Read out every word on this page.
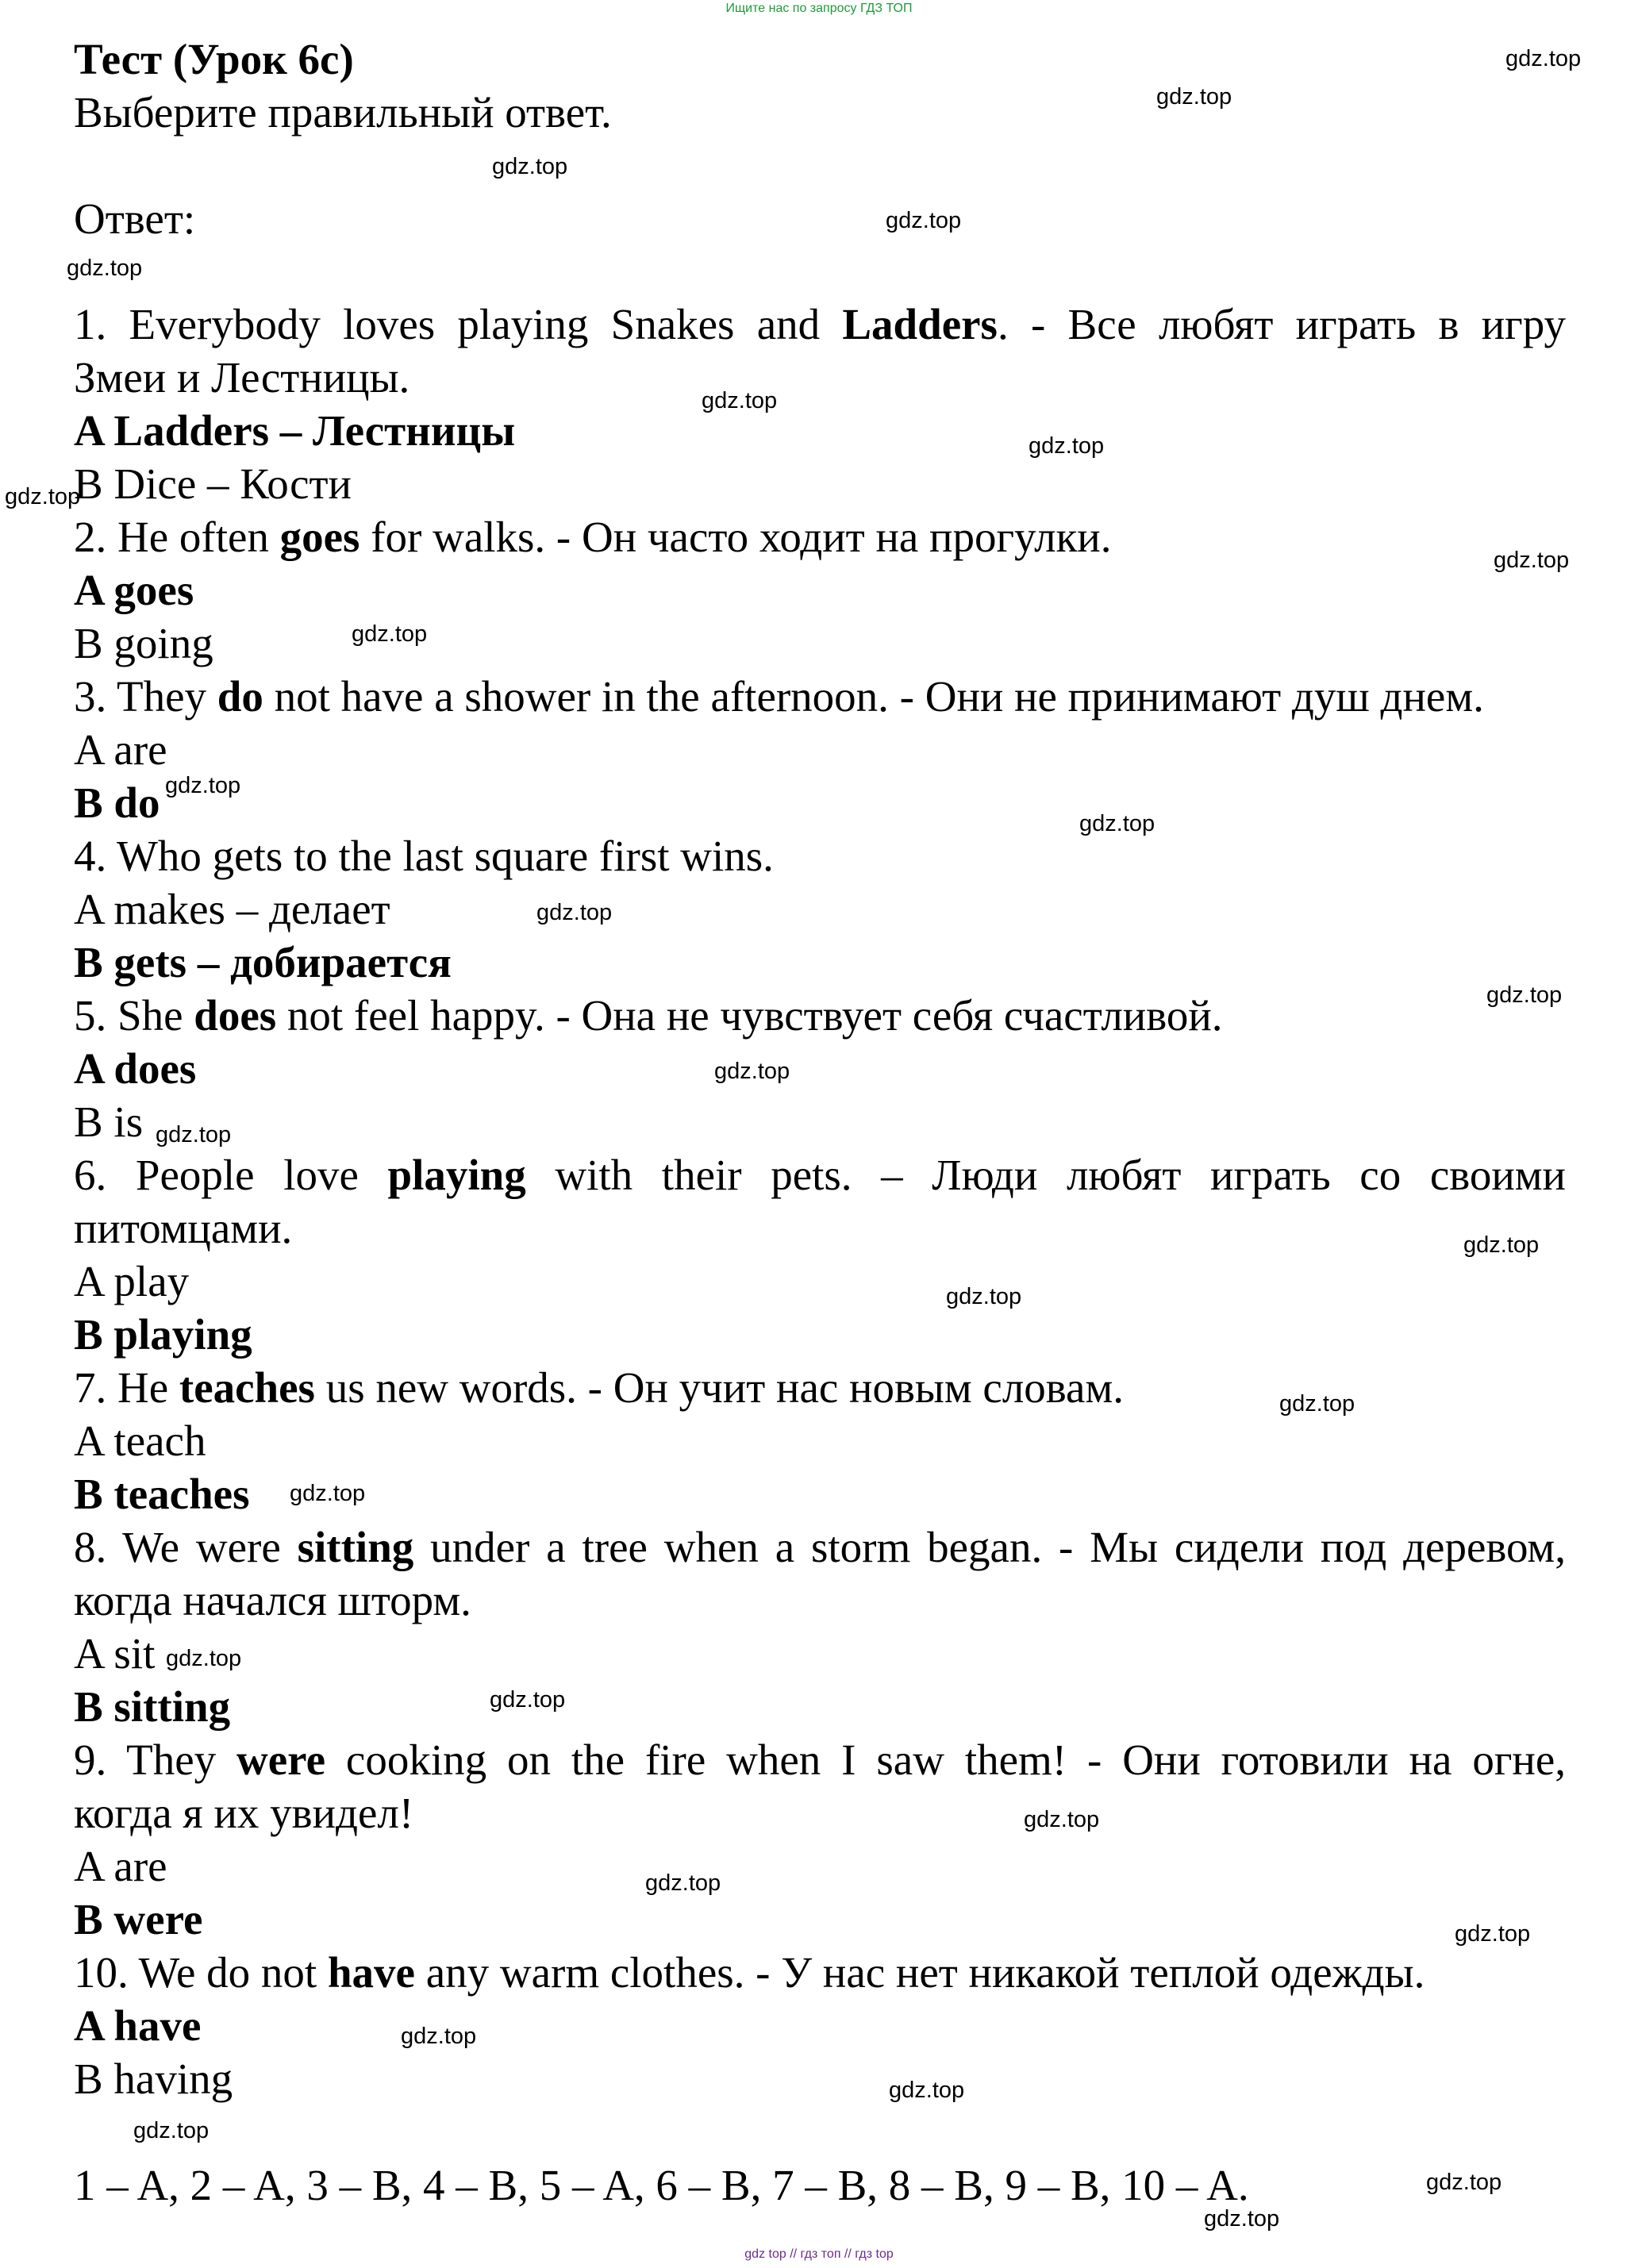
Ищите нас по запросу ГДЗ ТОП
Тест (Урок 6c)
Выберите правильный ответ.
Ответ:
1. Everybody loves playing Snakes and Ladders. - Все любят играть в игру
Змеи и Лестницы.
A Ladders – Лестницы
B Dice – Кости
2. He often goes for walks. - Он часто ходит на прогулки.
A goes
B going
3. They do not have a shower in the afternoon. - Они не принимают душ днем.
A are
B do
4. Who gets to the last square first wins.
A makes – делает
B gets – добирается
5. She does not feel happy. - Она не чувствует себя счастливой.
A does
B is
6. People love playing with their pets. – Люди любят играть со своими
питомцами.
A play
B playing
7. He teaches us new words. - Он учит нас новым словам.
A teach
B teaches
8. We were sitting under a tree when a storm began. - Мы сидели под деревом,
когда начался шторм.
A sit
B sitting
9. They were cooking on the fire when I saw them! - Они готовили на огне,
когда я их увидел!
A are
B were
10. We do not have any warm clothes. - У нас нет никакой теплой одежды.
A have
B having
1 – A, 2 – A, 3 – B, 4 – B, 5 – A, 6 – B, 7 – B, 8 – B, 9 – B, 10 – A.
gdz.top
gdz.top
gdz.top
gdz.top
gdz.top
gdz.top
gdz.top
gdz.top
gdz.top
gdz.top
gdz.top
gdz.top
gdz.top
gdz.top
gdz.top
gdz.top
gdz.top
gdz.top
gdz.top
gdz.top
gdz.top
gdz.top
gdz.top
gdz.top
gdz.top
gdz.top
gdz.top
gdz.top
gdz.top
gdz.top
gdz top // гдз топ // гдз top
